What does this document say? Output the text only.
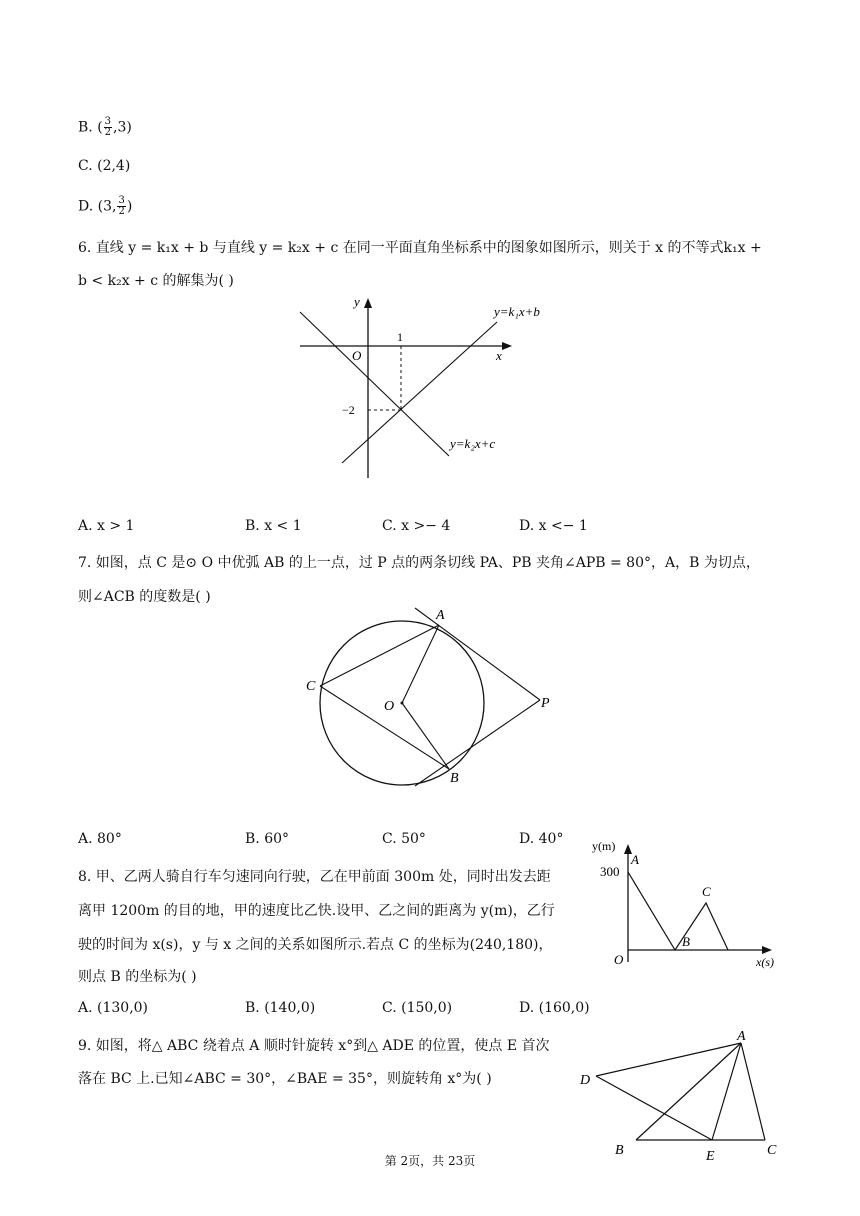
B. ( $\frac{3}{2} ,3$)
C. (2,4)
D. (3, $\frac{3}{2}$ )
6. 直线 y = k₁x + b 与直线 y = k₂x + c 在同一平面直角坐标系中的图象如图所示，则关于 x 的不等式k₁x +
b < k₂x + c 的解集为( )
y
x
O
1
−2
y=k₁x+b
y=k₂x+c
A. x > 1	B. x < 1	C. x >− 4	D. x <− 1
7. 如图，点 C 是⊙ O 中优弧 AB 的上一点，过 P 点的两条切线 PA、PB 夹角∠APB = 80°，A，B 为切点，
则∠ACB 的度数是( )
A
B
C
O	P
A. 80°	B. 60°	C. 50°	D. 40°
8. 甲、乙两人骑自行车匀速同向行驶，乙在甲前面 300m 处，同时出发去距
离甲 1200m 的目的地，甲的速度比乙快.设甲、乙之间的距离为 y(m)，乙行
驶的时间为 x(s)，y 与 x 之间的关系如图所示.若点 C 的坐标为(240,180)，
则点 B 的坐标为( )
y(m)
x(s)
O
300
A
B
C
A. (130,0)	B. (140,0)	C. (150,0)	D. (160,0)
9. 如图，将△ ABC 绕着点 A 顺时针旋转 x°到△ ADE 的位置，使点 E 首次
落在 BC 上.已知∠ABC = 30°，∠BAE = 35°，则旋转角 x°为( )
A
B	C
D
E
第 2页，共 23页
